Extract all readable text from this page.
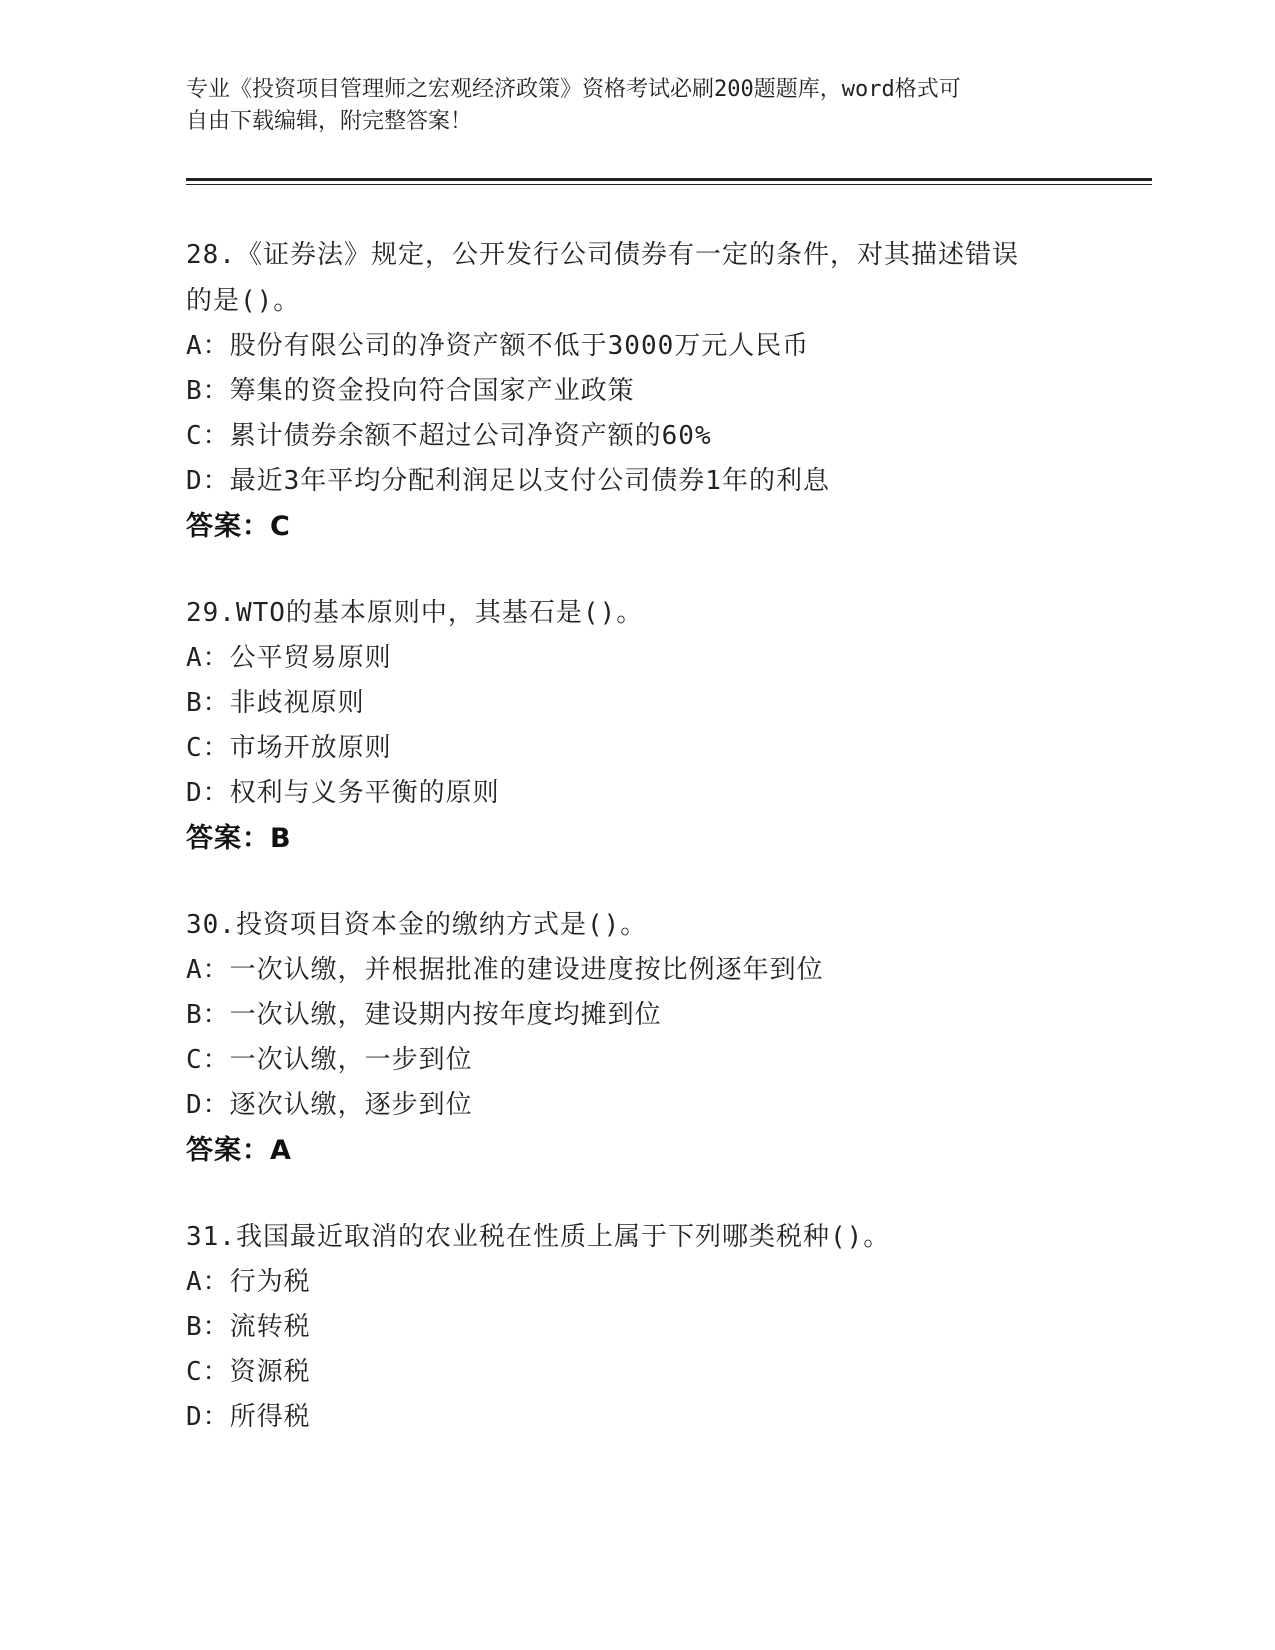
专业《投资项目管理师之宏观经济政策》资格考试必刷200题题库，word格式可
自由下载编辑，附完整答案！
28.《证券法》规定，公开发行公司债券有一定的条件，对其描述错误
的是()。
A：股份有限公司的净资产额不低于3000万元人民币
B：筹集的资金投向符合国家产业政策
C：累计债券余额不超过公司净资产额的60%
D：最近3年平均分配利润足以支付公司债券1年的利息
答案：C
29.WTO的基本原则中，其基石是()。
A：公平贸易原则
B：非歧视原则
C：市场开放原则
D：权利与义务平衡的原则
答案：B
30.投资项目资本金的缴纳方式是()。
A：一次认缴，并根据批准的建设进度按比例逐年到位
B：一次认缴，建设期内按年度均摊到位
C：一次认缴，一步到位
D：逐次认缴，逐步到位
答案：A
31.我国最近取消的农业税在性质上属于下列哪类税种()。
A：行为税
B：流转税
C：资源税
D：所得税
